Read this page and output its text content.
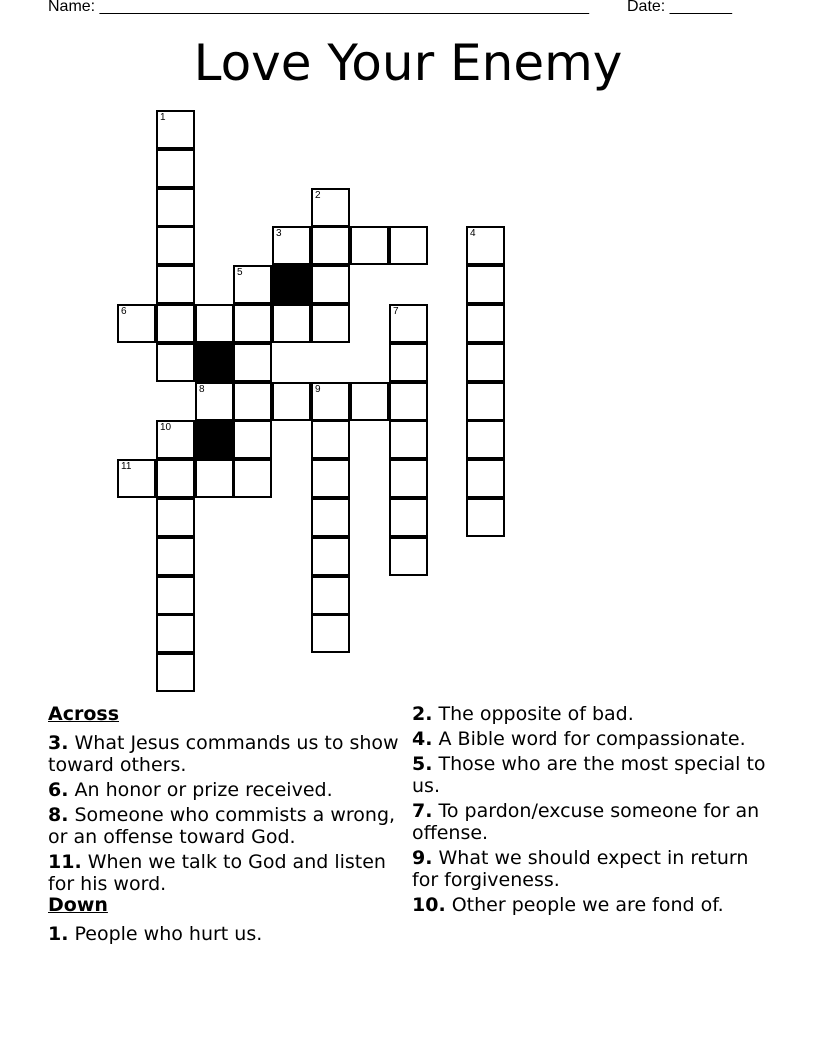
Name: _______________________________________________________ Date: _______
Love Your Enemy
1
2
3	4
5
6	7
8	9
10
11
Across
3. What Jesus commands us to show toward others.
6. An honor or prize received.
8. Someone who commists a wrong, or an offense toward God.
11. When we talk to God and listen for his word.
Down
1. People who hurt us.
2. The opposite of bad.
4. A Bible word for compassionate.
5. Those who are the most special to us.
7. To pardon/excuse someone for an offense.
9. What we should expect in return for forgiveness.
10. Other people we are fond of.
